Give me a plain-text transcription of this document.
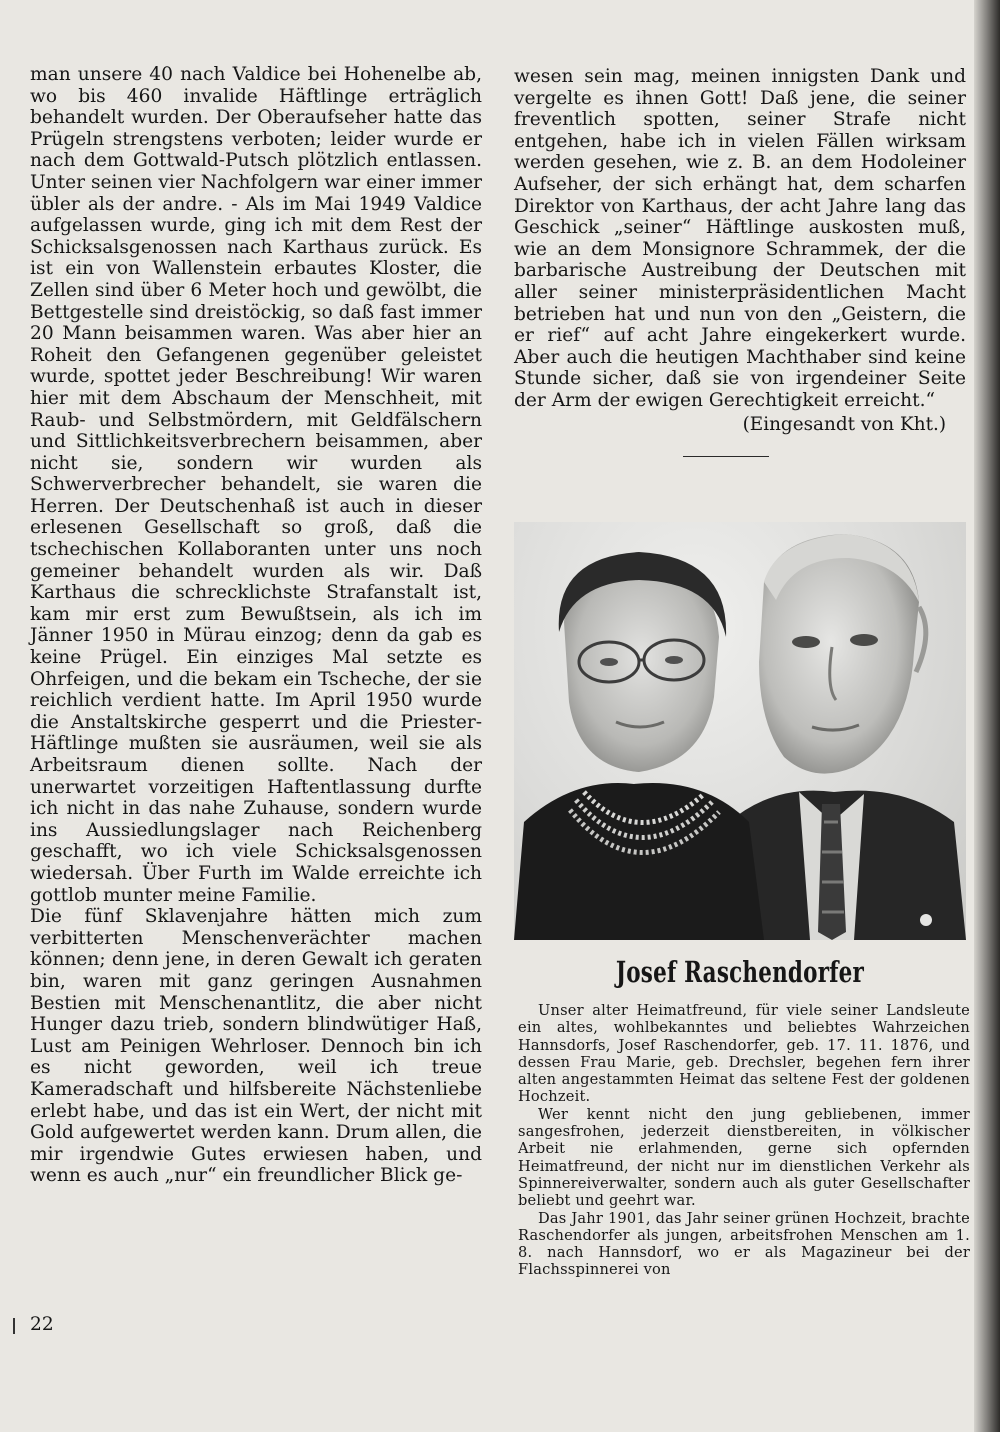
man unsere 40 nach Valdice bei Hohenelbe ab, wo bis 460 invalide Häftlinge erträglich behandelt wurden. Der Oberaufseher hatte das Prügeln strengstens verboten; leider wurde er nach dem Gottwald-Putsch plötzlich entlassen. Unter seinen vier Nachfolgern war einer immer übler als der andre. - Als im Mai 1949 Valdice aufgelassen wurde, ging ich mit dem Rest der Schicksalsgenossen nach Karthaus zurück. Es ist ein von Wallenstein erbautes Kloster, die Zellen sind über 6 Meter hoch und gewölbt, die Bettgestelle sind dreistöckig, so daß fast immer 20 Mann beisammen waren. Was aber hier an Roheit den Gefangenen gegenüber geleistet wurde, spottet jeder Beschreibung! Wir waren hier mit dem Abschaum der Menschheit, mit Raub- und Selbstmördern, mit Geldfälschern und Sittlichkeitsverbrechern beisammen, aber nicht sie, sondern wir wurden als Schwerverbrecher behandelt, sie waren die Herren. Der Deutschenhaß ist auch in dieser erlesenen Gesellschaft so groß, daß die tschechischen Kollaboranten unter uns noch gemeiner behandelt wurden als wir. Daß Karthaus die schrecklichste Strafanstalt ist, kam mir erst zum Bewußtsein, als ich im Jänner 1950 in Mürau einzog; denn da gab es keine Prügel. Ein einziges Mal setzte es Ohrfeigen, und die bekam ein Tscheche, der sie reichlich verdient hatte. Im April 1950 wurde die Anstaltskirche gesperrt und die Priester-Häftlinge mußten sie ausräumen, weil sie als Arbeitsraum dienen sollte. Nach der unerwartet vorzeitigen Haftentlassung durfte ich nicht in das nahe Zuhause, sondern wurde ins Aussiedlungslager nach Reichenberg geschafft, wo ich viele Schicksalsgenossen wiedersah. Über Furth im Walde erreichte ich gottlob munter meine Familie.

Die fünf Sklavenjahre hätten mich zum verbitterten Menschenverächter machen können; denn jene, in deren Gewalt ich geraten bin, waren mit ganz geringen Ausnahmen Bestien mit Menschenantlitz, die aber nicht Hunger dazu trieb, sondern blindwütiger Haß, Lust am Peinigen Wehrloser. Dennoch bin ich es nicht geworden, weil ich treue Kameradschaft und hilfsbereite Nächstenliebe erlebt habe, und das ist ein Wert, der nicht mit Gold aufgewertet werden kann. Drum allen, die mir irgendwie Gutes erwiesen haben, und wenn es auch „nur“ ein freundlicher Blick ge-

wesen sein mag, meinen innigsten Dank und vergelte es ihnen Gott! Daß jene, die seiner freventlich spotten, seiner Strafe nicht entgehen, habe ich in vielen Fällen wirksam werden gesehen, wie z. B. an dem Hodoleiner Aufseher, der sich erhängt hat, dem scharfen Direktor von Karthaus, der acht Jahre lang das Geschick „seiner“ Häftlinge auskosten muß, wie an dem Monsignore Schrammek, der die barbarische Austreibung der Deutschen mit aller seiner ministerpräsidentlichen Macht betrieben hat und nun von den „Geistern, die er rief“ auf acht Jahre eingekerkert wurde. Aber auch die heutigen Machthaber sind keine Stunde sicher, daß sie von irgendeiner Seite der Arm der ewigen Gerechtigkeit erreicht.“

(Eingesandt von Kht.)

Josef Raschendorfer

Unser alter Heimatfreund, für viele seiner Landsleute ein altes, wohlbekanntes und beliebtes Wahrzeichen Hannsdorfs, Josef Raschendorfer, geb. 17. 11. 1876, und dessen Frau Marie, geb. Drechsler, begehen fern ihrer alten angestammten Heimat das seltene Fest der goldenen Hochzeit.

Wer kennt nicht den jung gebliebenen, immer sangesfrohen, jederzeit dienstbereiten, in völkischer Arbeit nie erlahmenden, gerne sich opfernden Heimatfreund, der nicht nur im dienstlichen Verkehr als Spinnereiverwalter, sondern auch als guter Gesellschafter beliebt und geehrt war.

Das Jahr 1901, das Jahr seiner grünen Hochzeit, brachte Raschendorfer als jungen, arbeitsfrohen Menschen am 1. 8. nach Hannsdorf, wo er als Magazineur bei der Flachsspinnerei von

22
